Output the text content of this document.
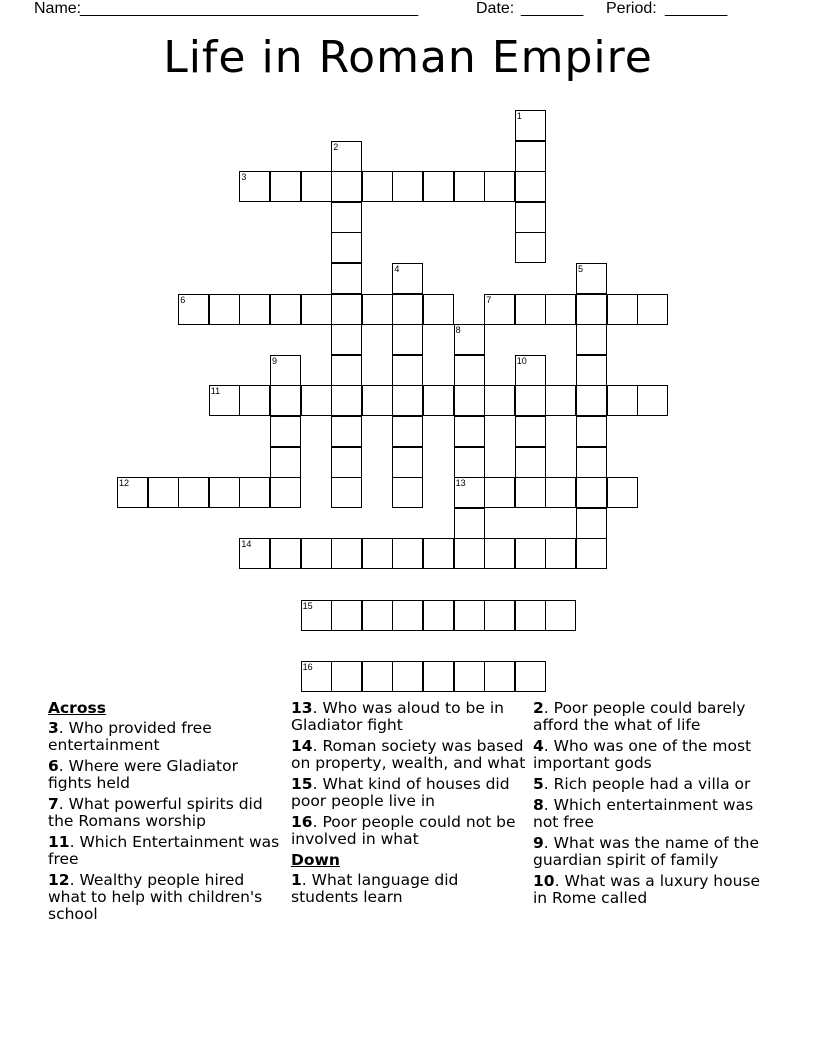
Name:
______________________________________	Date: _______ Period: _______
Life in Roman Empire
1
2
3
4	5
6	7
8
13
9	10
11
12
14
15
16
Across
3. Who provided free entertainment
6. Where were Gladiator fights held
7. What powerful spirits did the Romans worship
11. Which Entertainment was free
12. Wealthy people hired what to help with children's school
13. Who was aloud to be in Gladiator fight
14. Roman society was based on property, wealth, and what
15. What kind of houses did poor people live in
16. Poor people could not be involved in what
Down
1. What language did students learn
2. Poor people could barely afford the what of life
4. Who was one of the most important gods
5. Rich people had a villa or
8. Which entertainment was not free
9. What was the name of the guardian spirit of family
10. What was a luxury house in Rome called
